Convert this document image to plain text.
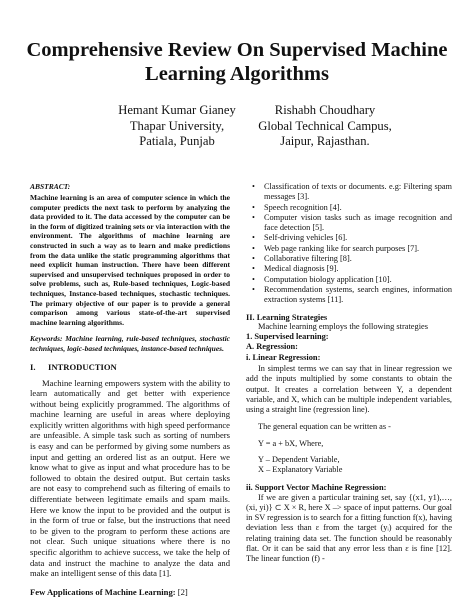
Comprehensive Review On Supervised Machine
Learning Algorithms
Hemant Kumar Gianey
Thapar University,
Patiala, Punjab
Rishabh Choudhary
Global Technical Campus,
Jaipur, Rajasthan.

ABSTRACT:

Machine learning is an area of computer science in which the computer predicts the next task to perform by analyzing the data provided to it. The data accessed by the computer can be in the form of digitized training sets or via interaction with the environment. The algorithms of machine learning are constructed in such a way as to learn and make predictions from the data unlike the static programming algorithms that need explicit human instruction. There have been different supervised and unsupervised techniques proposed in order to solve problems, such as, Rule-based techniques, Logic-based techniques, Instance-based techniques, stochastic techniques. The primary objective of our paper is to provide a general comparison among various state-of-the-art supervised machine learning algorithms.

Keywords: Machine learning, rule-based techniques, stochastic techniques, logic-based techniques, instance-based techniques.

I. INTRODUCTION

Machine learning empowers system with the ability to learn automatically and get better with experience without being explicitly programmed. The algorithms of machine learning are useful in areas where deploying explicitly written algorithms with high speed performance are unfeasible. A simple task such as sorting of numbers is easy and can be performed by giving some numbers as input and getting an ordered list as an output. Here we know what to give as input and what procedure has to be followed to obtain the desired output. But certain tasks are not easy to comprehend such as filtering of emails to differentiate between legitimate emails and spam mails. Here we know the input to be provided and the output is in the form of true or false, but the instructions that need to be given to the program to perform these actions are not clear. Such unique situations where there is no specific algorithm to achieve success, we take the help of data and instruct the machine to analyze the data and make an intelligent sense of this data [1].

Few Applications of Machine Learning: [2]

• Classification of texts or documents. e.g: Filtering spam messages [3].
• Speech recognition [4].
• Computer vision tasks such as image recognition and face detection [5].
• Self-driving vehicles [6].
• Web page ranking like for search purposes [7].
• Collaborative filtering [8].
• Medical diagnosis [9].
• Computation biology application [10].
• Recommendation systems, search engines, information extraction systems [11].

II. Learning Strategies

Machine learning employs the following strategies

1. Supervised learning:

A. Regression:

i. Linear Regression:

In simplest terms we can say that in linear regression we add the inputs multiplied by some constants to obtain the output. It creates a correlation between Y, a dependent variable, and X, which can be multiple independent variables, using a straight line (regression line).

The general equation can be written as -

Y = a + bX, Where,

Y – Dependent Variable,
X – Explanatory Variable

ii. Support Vector Machine Regression:

If we are given a particular training set, say {(x1, y1),…,(xi, yi)} ⊂ X × R, here X –> space of input patterns. Our goal in SV regression is to search for a fitting function f(x), having deviation less than ε from the target (yᵢ) acquired for the relating training data set. The function should be reasonably flat. Or it can be said that any error less than ε is fine [12]. The linear function (f) -
